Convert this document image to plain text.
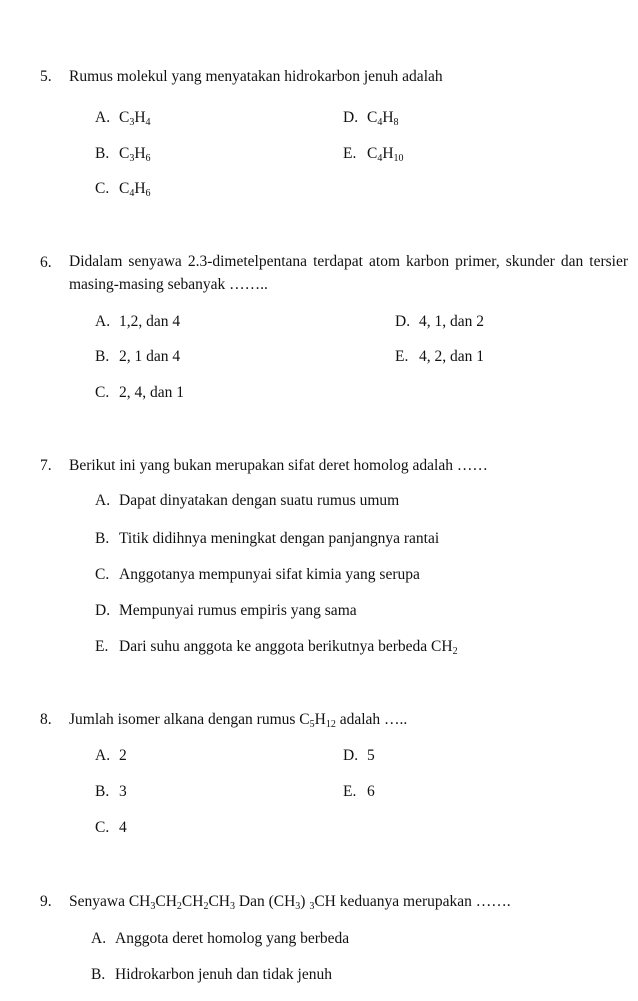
5. Rumus molekul yang menyatakan hidrokarbon jenuh adalah
A. $C_3H_4$
B. $C_3H_6$
C. $C_4H_6$
D. $C_4H_8$
E. $C_4H_{10}$
6. Didalam senyawa 2.3-dimetelpentana terdapat atom karbon primer, skunder dan tersier masing-masing sebanyak ……..
A. 1,2, dan 4
B. 2, 1 dan 4
C. 2, 4, dan 1
D. 4, 1, dan 2
E. 4, 2, dan 1
7. Berikut ini yang bukan merupakan sifat deret homolog adalah ……
A. Dapat dinyatakan dengan suatu rumus umum
B. Titik didihnya meningkat dengan panjangnya rantai
C. Anggotanya mempunyai sifat kimia yang serupa
D. Mempunyai rumus empiris yang sama
E. Dari suhu anggota ke anggota berikutnya berbeda $CH_2$
8. Jumlah isomer alkana dengan rumus $C_5H_{12}$ adalah …..
A. 2
B. 3
C. 4
D. 5
E. 6
9. Senyawa $CH_3CH_2CH_2CH_3$ Dan $(CH_3)$ $_3$CH keduanya merupakan …….
A. Anggota deret homolog yang berbeda
B. Hidrokarbon jenuh dan tidak jenuh
